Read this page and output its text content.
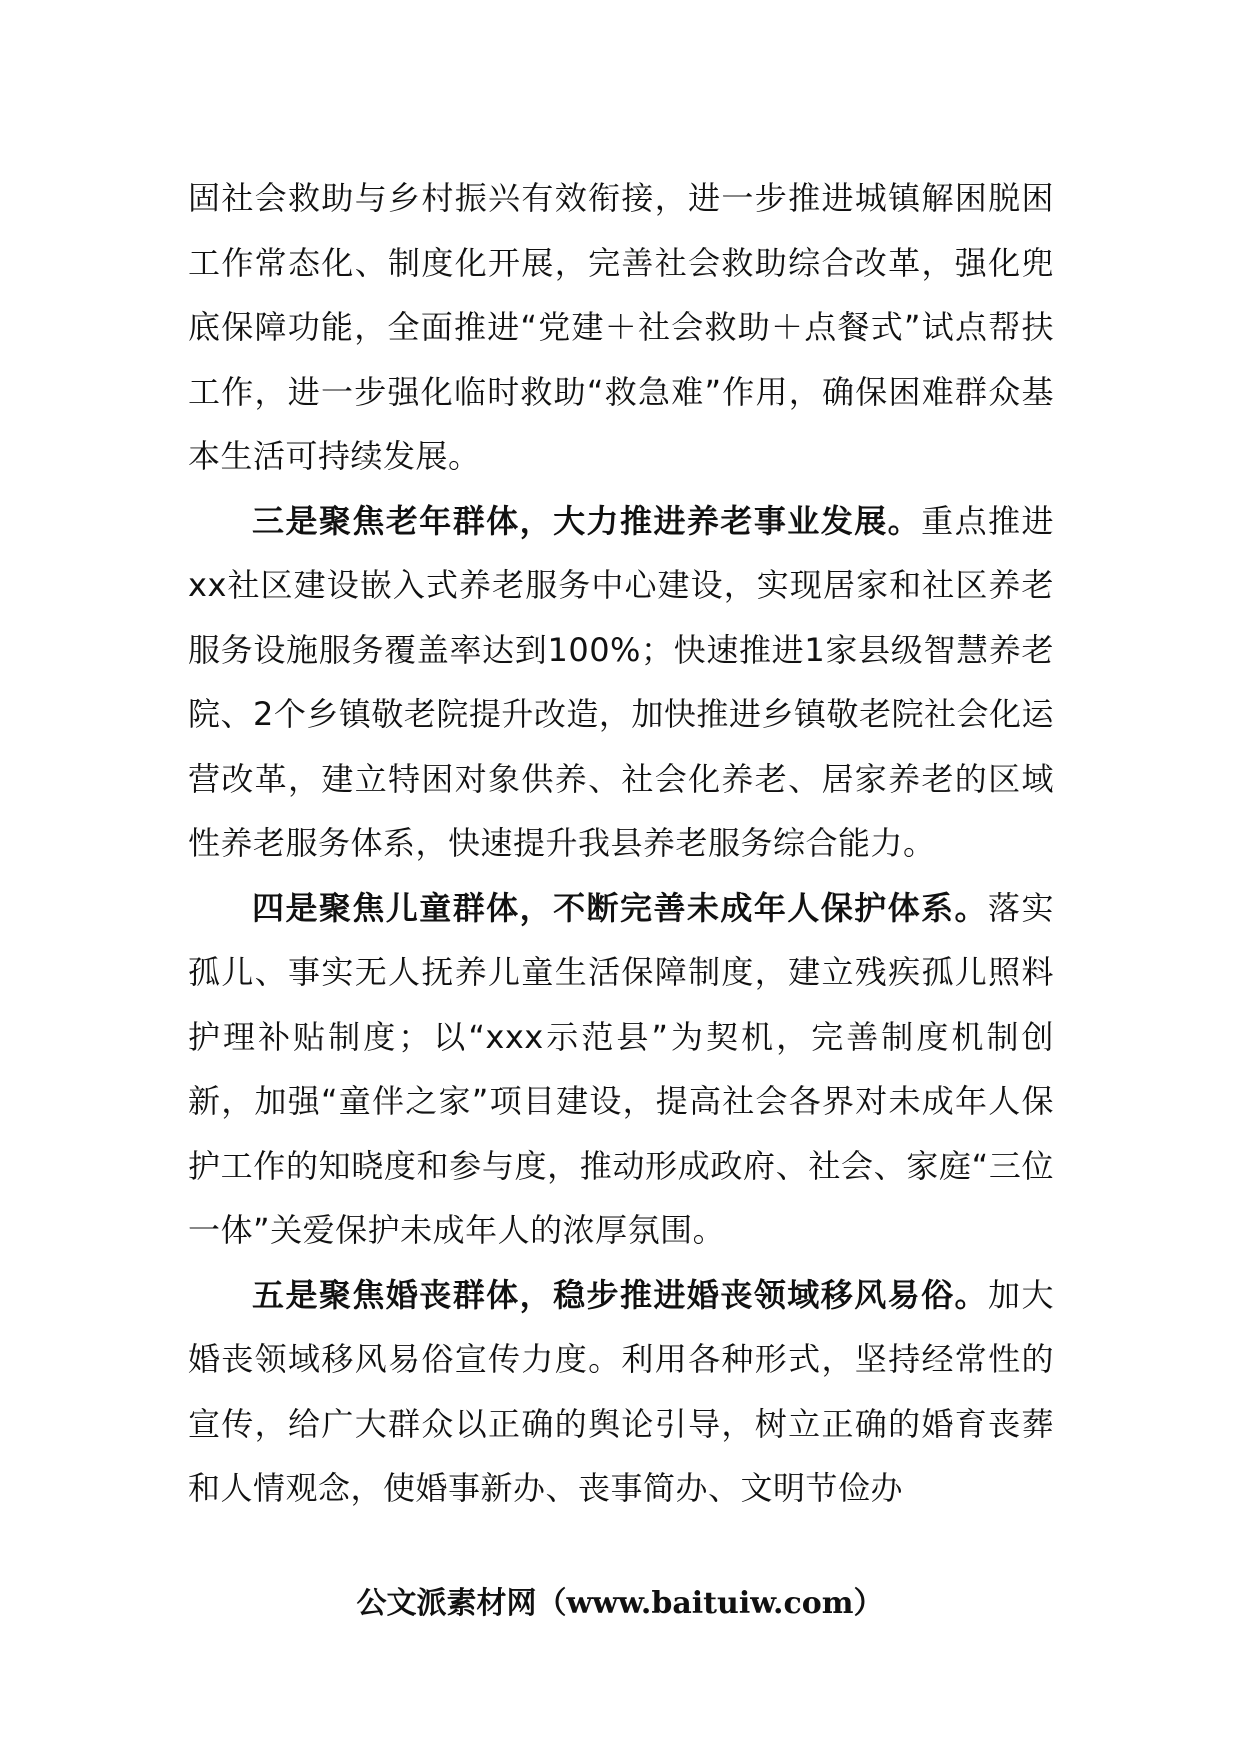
固社会救助与乡村振兴有效衔接，进一步推进城镇解困脱困工作常态化、制度化开展，完善社会救助综合改革，强化兜底保障功能，全面推进“党建＋社会救助＋点餐式”试点帮扶工作，进一步强化临时救助“救急难”作用，确保困难群众基本生活可持续发展。

三是聚焦老年群体，大力推进养老事业发展。重点推进xx社区建设嵌入式养老服务中心建设，实现居家和社区养老服务设施服务覆盖率达到100%；快速推进1家县级智慧养老院、2个乡镇敬老院提升改造，加快推进乡镇敬老院社会化运营改革，建立特困对象供养、社会化养老、居家养老的区域性养老服务体系，快速提升我县养老服务综合能力。

四是聚焦儿童群体，不断完善未成年人保护体系。落实孤儿、事实无人抚养儿童生活保障制度，建立残疾孤儿照料护理补贴制度；以“xxx示范县”为契机，完善制度机制创新，加强“童伴之家”项目建设，提高社会各界对未成年人保护工作的知晓度和参与度，推动形成政府、社会、家庭“三位一体”关爱保护未成年人的浓厚氛围。

五是聚焦婚丧群体，稳步推进婚丧领域移风易俗。加大婚丧领域移风易俗宣传力度。利用各种形式，坚持经常性的宣传，给广大群众以正确的舆论引导，树立正确的婚育丧葬和人情观念，使婚事新办、丧事简办、文明节俭办

公文派素材网（www.baituiw.com）
